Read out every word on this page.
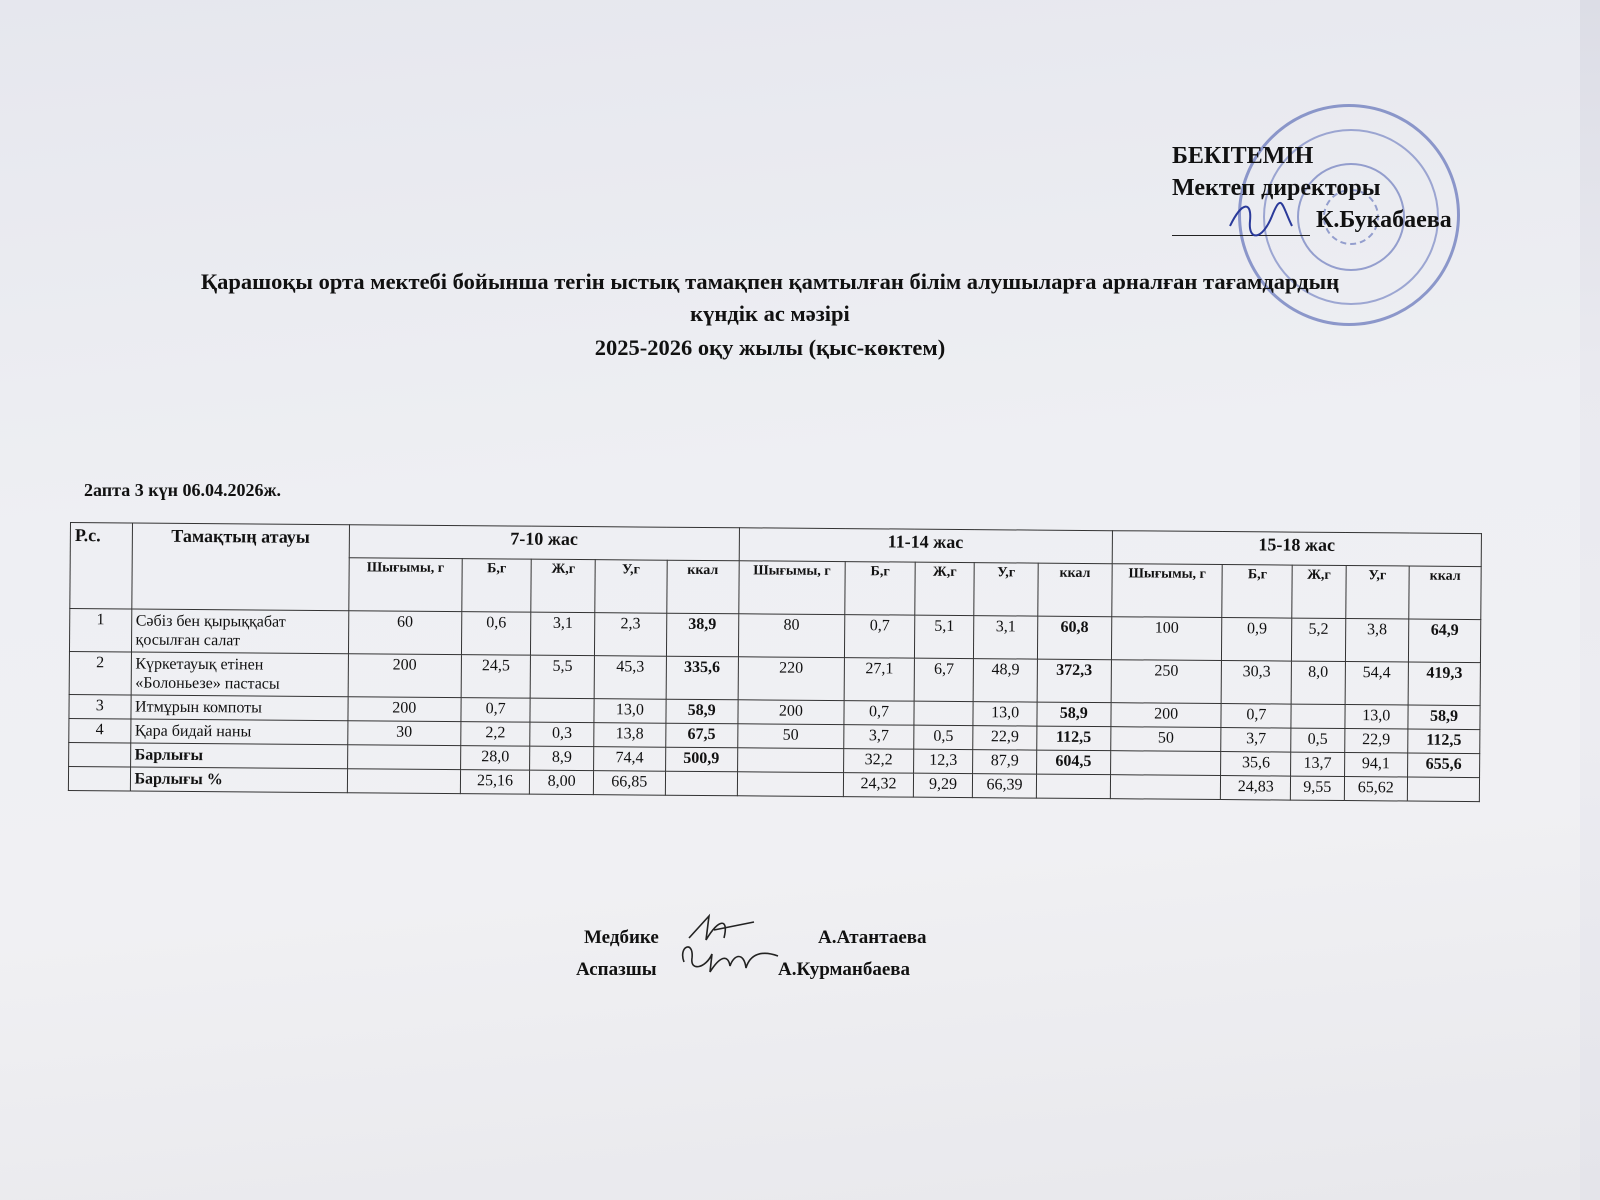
БЕКІТЕМІН
Мектеп директоры
К.Букабаева
Қарашоқы орта мектебі бойынша тегін ыстық тамақпен қамтылған білім алушыларға арналған тағамдардың
күндік ас мәзірі
2025-2026 оқу жылы (қыс-көктем)
2апта 3 күн 06.04.2026ж.
Р.с.	Тамақтың атауы	7-10 жас					11-14 жас					15-18 жас				
		Шығымы, г	Б,г	Ж,г	У,г	ккал	Шығымы, г	Б,г	Ж,г	У,г	ккал	Шығымы, г	Б,г	Ж,г	У,г	ккал
1	Сәбіз бен қырыққабат қосылған салат	60	0,6	3,1	2,3	38,9	80	0,7	5,1	3,1	60,8	100	0,9	5,2	3,8	64,9
2	Күркетауық етінен «Болоньезе» пастасы	200	24,5	5,5	45,3	335,6	220	27,1	6,7	48,9	372,3	250	30,3	8,0	54,4	419,3
3	Итмұрын компоты	200	0,7		13,0	58,9	200	0,7		13,0	58,9	200	0,7		13,0	58,9
4	Қара бидай наны	30	2,2	0,3	13,8	67,5	50	3,7	0,5	22,9	112,5	50	3,7	0,5	22,9	112,5
	Барлығы		28,0	8,9	74,4	500,9		32,2	12,3	87,9	604,5		35,6	13,7	94,1	655,6
	Барлығы %		25,16	8,00	66,85			24,32	9,29	66,39			24,83	9,55	65,62	
Медбике	А.Атантаева
Аспазшы	А.Курманбаева
